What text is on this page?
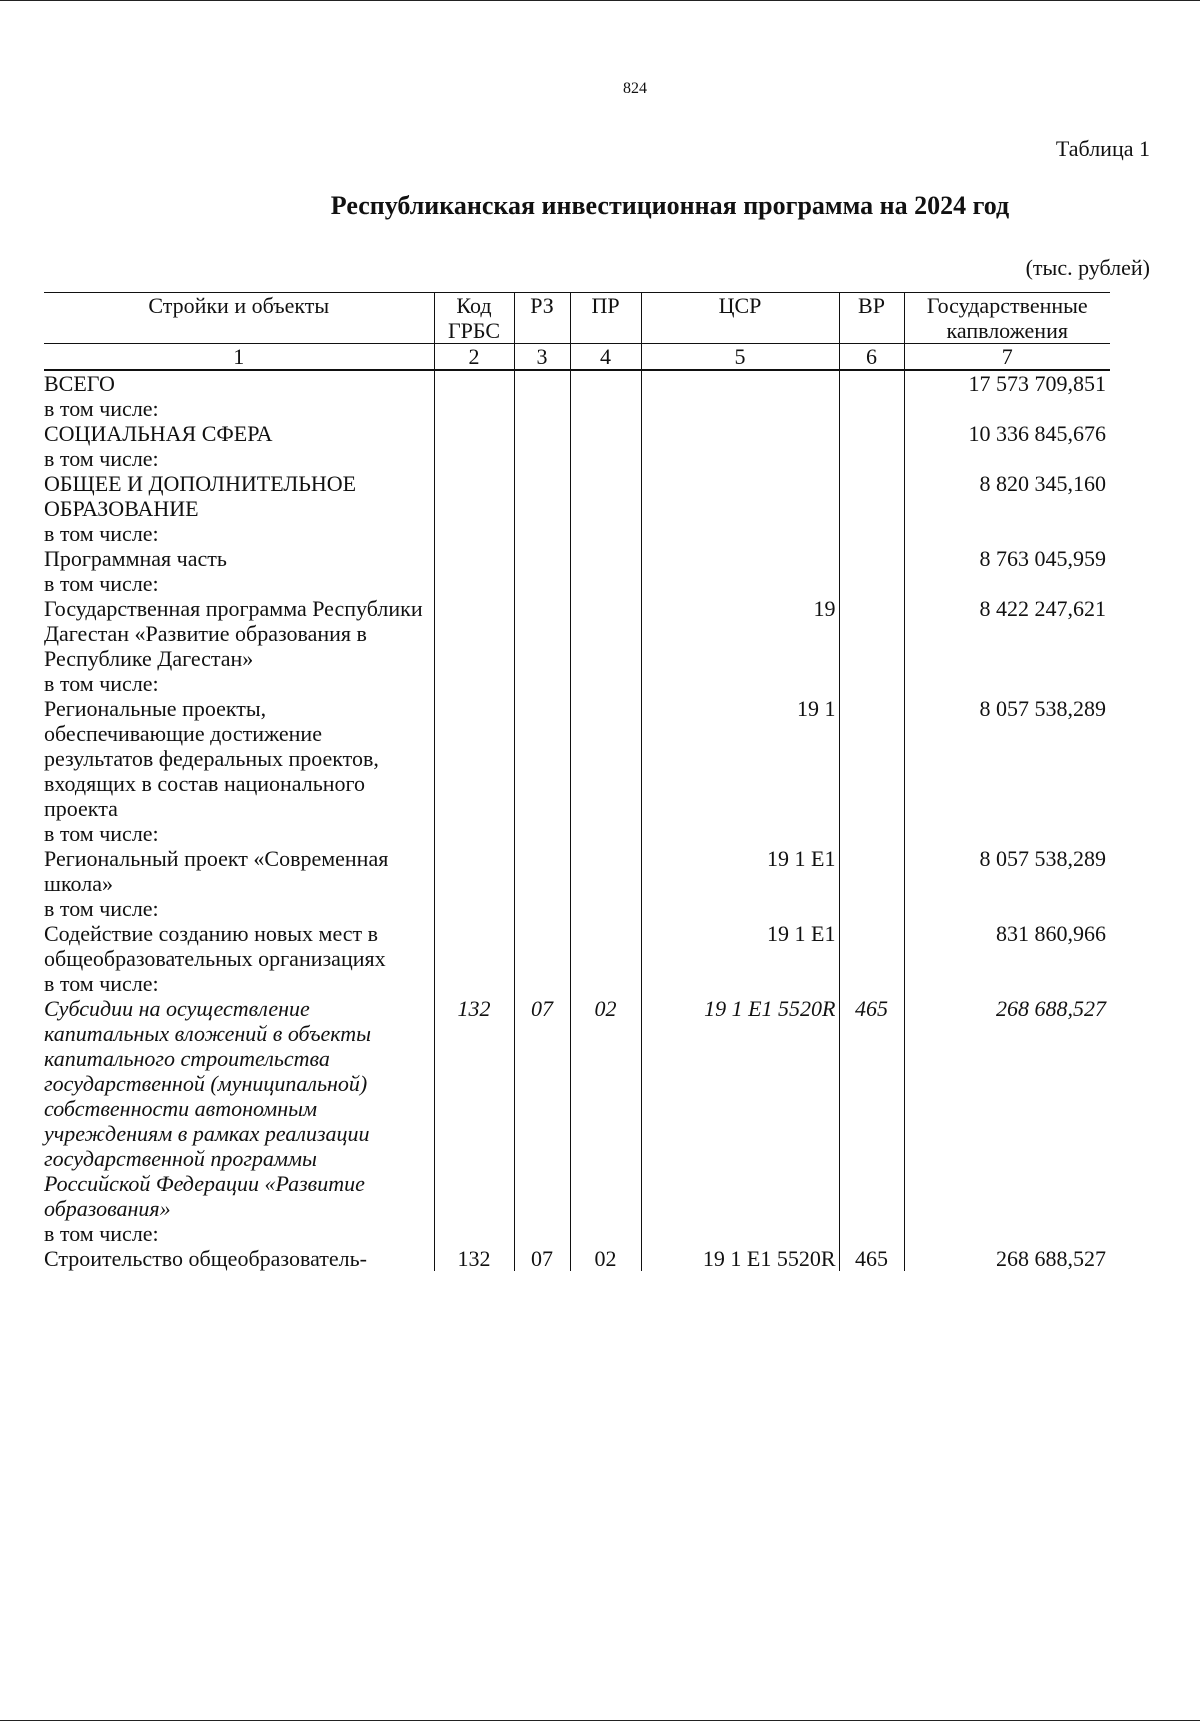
824
Таблица 1
Республиканская инвестиционная программа на 2024 год
(тыс. рублей)
Стройки и объекты	Код ГРБС	РЗ	ПР	ЦСР	ВР	Государственные капвложения
1	2	3	4	5	6	7
ВСЕГО						17 573 709,851
в том числе:						
СОЦИАЛЬНАЯ СФЕРА						10 336 845,676
в том числе:						
ОБЩЕЕ И ДОПОЛНИТЕЛЬНОЕ ОБРАЗОВАНИЕ						8 820 345,160
в том числе:						
Программная часть						8 763 045,959
в том числе:						
Государственная программа Республики Дагестан «Развитие образования в Республике Дагестан»				19		8 422 247,621
в том числе:						
Региональные проекты, обеспечивающие достижение результатов федеральных проектов, входящих в состав национального проекта				19 1		8 057 538,289
в том числе:						
Региональный проект «Современная школа»				19 1 E1		8 057 538,289
в том числе:						
Содействие созданию новых мест в общеобразовательных организациях				19 1 E1		831 860,966
в том числе:						
Субсидии на осуществление капитальных вложений в объекты капитального строительства государственной (муниципальной) собственности автономным учреждениям в рамках реализации государственной программы Российской Федерации «Развитие образования»	132	07	02	19 1 E1 5520R	465	268 688,527
в том числе:						
Строительство общеобразователь-	132	07	02	19 1 E1 5520R	465	268 688,527
